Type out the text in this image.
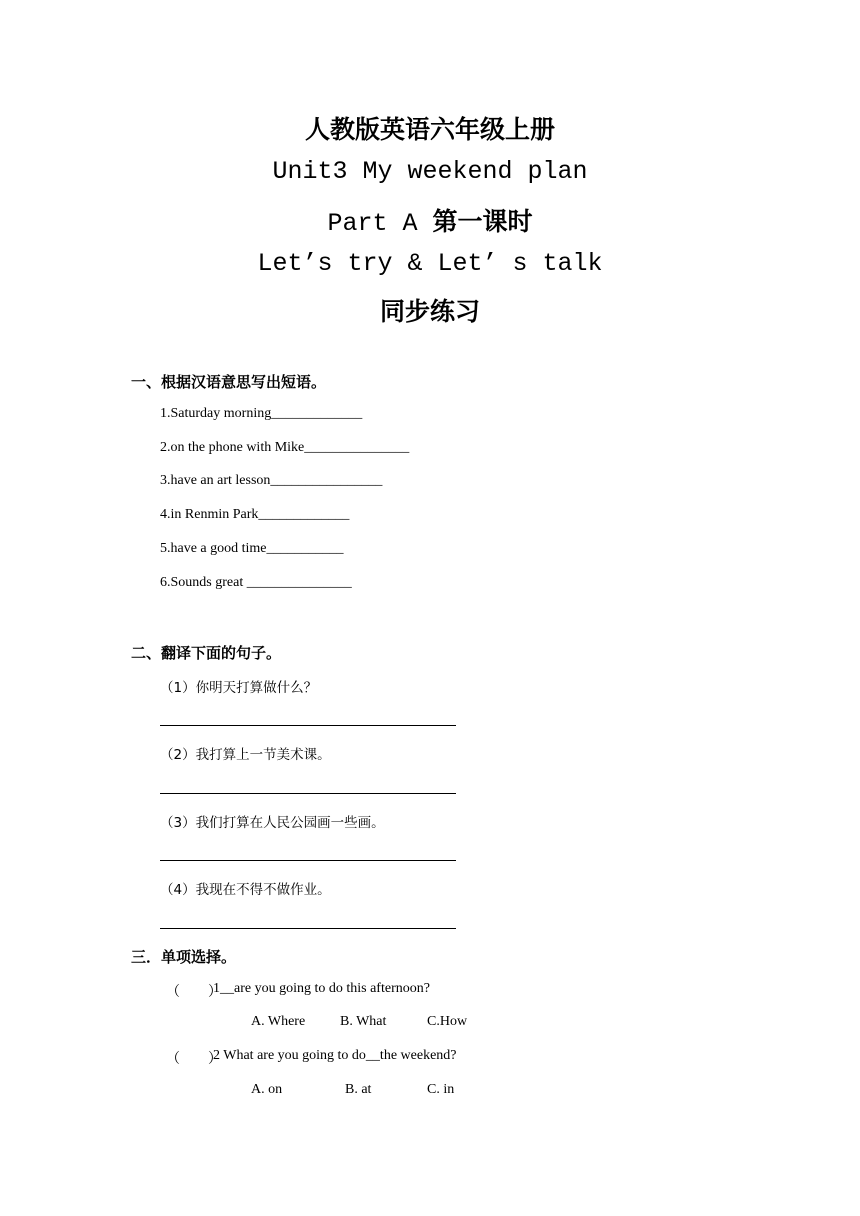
人教版英语六年级上册
Unit3 My weekend plan
Part A 第一课时
Let’s try & Let’ s talk
同步练习
一、根据汉语意思写出短语。
1.Saturday morning_____________
2.on the phone with Mike_______________
3.have an art lesson________________
4.in Renmin Park_____________
5.have a good time___________
6.Sounds great _______________
二、翻译下面的句子。
（1）你明天打算做什么？
（2）我打算上一节美术课。
（3）我们打算在人民公园画一些画。
（4）我现在不得不做作业。
三．单项选择。
（　　）
1__are you going to do this afternoon?
A. Where B. What	C.How
（　　）
2 What are you going to do__the weekend?
A. on	B. at	C. in
